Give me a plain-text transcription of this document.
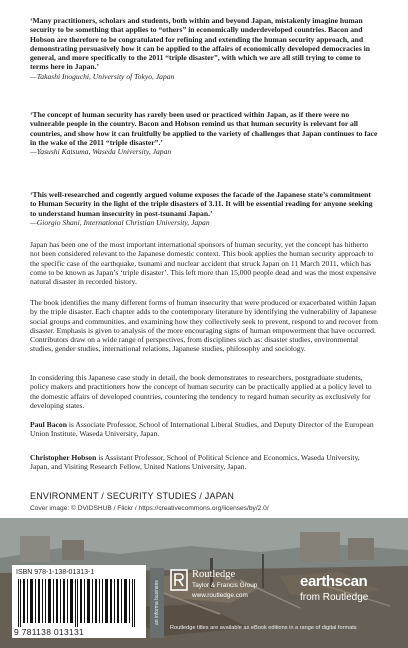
‘Many practitioners, scholars and students, both within and beyond Japan, mistakenly imagine human security to be something that applies to “others” in economically underdeveloped countries. Bacon and Hobson are therefore to be congratulated for refining and extending the human security approach, and demonstrating persuasively how it can be applied to the affairs of economically developed democracies in general, and more specifically to the 2011 “triple disaster”, with which we are all still trying to come to terms here in Japan.’
—Takashi Inoguchi, University of Tokyo, Japan
‘The concept of human security has rarely been used or practiced within Japan, as if there were no vulnerable people in the country. Bacon and Hobson remind us that human security is relevant for all countries, and show how it can fruitfully be applied to the variety of challenges that Japan continues to face in the wake of the 2011 “triple disaster”.’
—Yasushi Katsuma, Waseda University, Japan
‘This well-researched and cogently argued volume exposes the facade of the Japanese state’s commitment to Human Security in the light of the triple disasters of 3.11. It will be essential reading for anyone seeking to understand human insecurity in post-tsunami Japan.’
—Giorgio Shani, International Christian University, Japan
Japan has been one of the most important international sponsors of human security, yet the concept has hitherto not been considered relevant to the Japanese domestic context. This book applies the human security approach to the specific case of the earthquake, tsunami and nuclear accident that struck Japan on 11 March 2011, which has come to be known as Japan’s ‘triple disaster’. This left more than 15,000 people dead and was the most expensive natural disaster in recorded history.
The book identifies the many different forms of human insecurity that were produced or exacerbated within Japan by the triple disaster. Each chapter adds to the contemporary literature by identifying the vulnerability of Japanese social groups and communities, and examining how they collectively seek to prevent, respond to and recover from disaster. Emphasis is given to analysis of the more encouraging signs of human empowerment that have occurred. Contributors draw on a wide range of perspectives, from disciplines such as: disaster studies, environmental studies, gender studies, international relations, Japanese studies, philosophy and sociology.
In considering this Japanese case study in detail, the book demonstrates to researchers, postgraduate students, policy makers and practitioners how the concept of human security can be practically applied at a policy level to the domestic affairs of developed countries, countering the tendency to regard human security as exclusively for developing states.
Paul Bacon is Associate Professor, School of International Liberal Studies, and Deputy Director of the European Union Institute, Waseda University, Japan.
Christopher Hobson is Assistant Professor, School of Political Science and Economics, Waseda University, Japan, and Visiting Research Fellow, United Nations University, Japan.
ENVIRONMENT / SECURITY STUDIES / JAPAN
Cover image: © DVIDSHUB / Flickr / https://creativecommons.org/licenses/by/2.0/
ISBN 978-1-138-01313-1
9 781138 013131
an informa business
Routledge
Taylor & Francis Group
www.routledge.com
earthscan
from Routledge
Routledge titles are available as eBook editions in a range of digital formats
